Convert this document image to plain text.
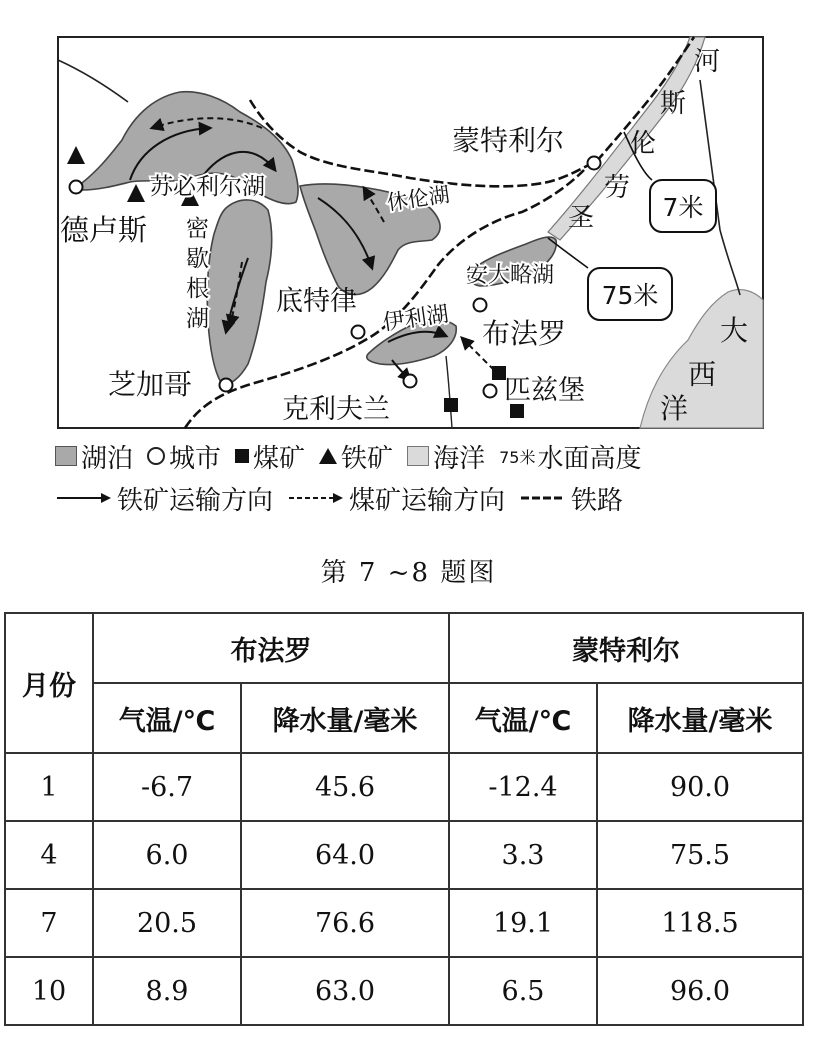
德卢斯
芝加哥
底特律
克利夫兰
布法罗
匹兹堡
蒙特利尔
苏必利尔湖	休伦湖
伊利湖
安大略湖
密歇根湖
圣
劳
伦
斯
河
大
西
洋
7米
75米
湖泊 城市 煤矿 铁矿 海洋 75米 水面高度
铁矿运输方向	煤矿运输方向	铁路
第 7 ~8 题图
月份	布法罗		蒙特利尔	
	气温/℃	降水量/毫米	气温/℃	降水量/毫米
1	-6.7	45.6	-12.4	90.0
4	6.0	64.0	3.3	75.5
7	20.5	76.6	19.1	118.5
10	8.9	63.0	6.5	96.0
